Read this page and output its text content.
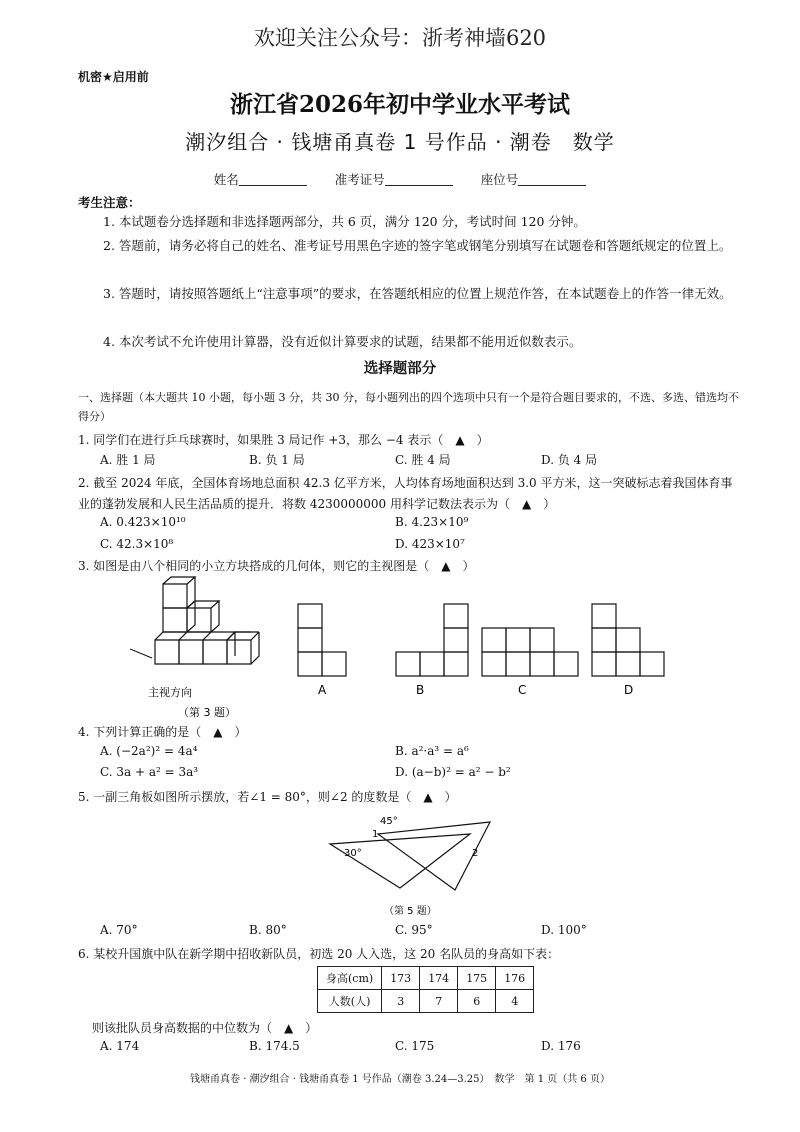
欢迎关注公众号：浙考神墙620
机密★启用前
浙江省2026年初中学业水平考试
潮汐组合 · 钱塘甬真卷 1 号作品 · 潮卷　数学
姓名	准考证号	座位号
考生注意：
1. 本试题卷分选择题和非选择题两部分，共 6 页，满分 120 分，考试时间 120 分钟。
2. 答题前，请务必将自己的姓名、准考证号用黑色字迹的签字笔或钢笔分别填写在试题卷和答题纸规定的位置上。
3. 答题时，请按照答题纸上“注意事项”的要求，在答题纸相应的位置上规范作答，在本试题卷上的作答一律无效。
4. 本次考试不允许使用计算器，没有近似计算要求的试题，结果都不能用近似数表示。
选择题部分
一、选择题（本大题共 10 小题，每小题 3 分，共 30 分，每小题列出的四个选项中只有一个是符合题目要求的，不选、多选、错选均不得分）
1. 同学们在进行乒乓球赛时，如果胜 3 局记作 +3，那么 −4 表示（　▲　）
A. 胜 1 局	B. 负 1 局	C. 胜 4 局	D. 负 4 局
2. 截至 2024 年底，全国体育场地总面积 42.3 亿平方米，人均体育场地面积达到 3.0 平方米，这一突破标志着我国体育事业的蓬勃发展和人民生活品质的提升．将数 4230000000 用科学记数法表示为（　▲　）
A. 0.423×10¹⁰	B. 4.23×10⁹
C. 42.3×10⁸	D. 423×10⁷
3. 如图是由八个相同的小立方块搭成的几何体，则它的主视图是（　▲　）
主视方向	A	B	C	D
（第 3 题）
4. 下列计算正确的是（　▲　）
A. (−2a²)² = 4a⁴	B. a²·a³ = a⁶
C. 3a + a² = 3a³	D. (a−b)² = a² − b²
5. 一副三角板如图所示摆放，若∠1 = 80°，则∠2 的度数是（　▲　）
45°
30°
1
2
（第 5 题）
A. 70°	B. 80°	C. 95°	D. 100°
6. 某校升国旗中队在新学期中招收新队员，初选 20 人入选，这 20 名队员的身高如下表：
身高(cm)	173	174	175	176
人数(人)	3	7	6	4
则该批队员身高数据的中位数为（　▲　）
A. 174	B. 174.5	C. 175	D. 176
钱塘甬真卷 · 潮汐组合 · 钱塘甬真卷 1 号作品（潮卷 3.24—3.25）　数学　第 1 页（共 6 页）
